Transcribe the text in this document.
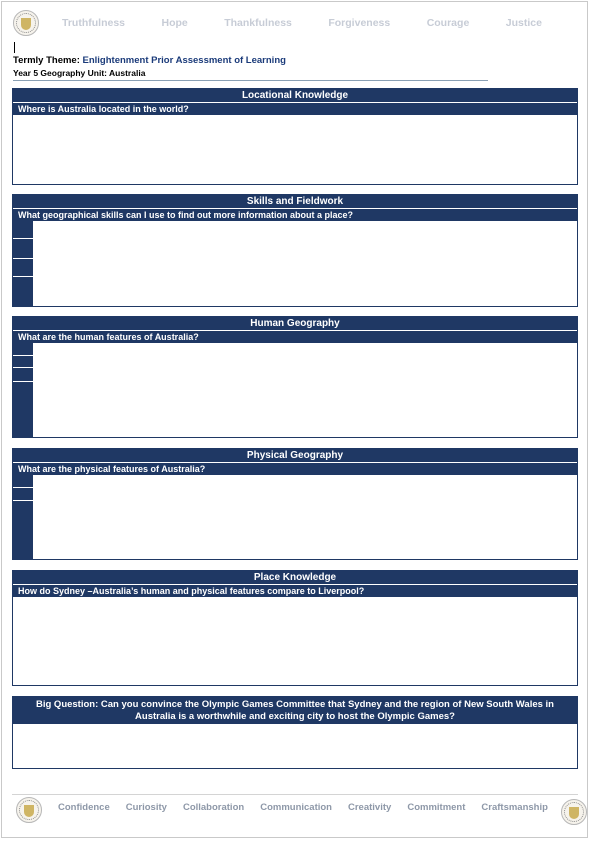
Truthfulness	Hope	Thankfulness	Forgiveness	Courage	Justice
Termly Theme: Enlightenment Prior Assessment of Learning
Year 5 Geography Unit: Australia
Locational Knowledge
Where is Australia located in the world?
Skills and Fieldwork
What geographical skills can I use to find out more information about a place?
Human Geography
What are the human features of Australia?
Physical Geography
What are the physical features of Australia?
Place Knowledge
How do Sydney –Australia’s human and physical features compare to Liverpool?
Big Question: Can you convince the Olympic Games Committee that Sydney and the region of New South Wales in Australia is a worthwhile and exciting city to host the Olympic Games?
Confidence Curiosity Collaboration Communication Creativity Commitment Craftsmanship
